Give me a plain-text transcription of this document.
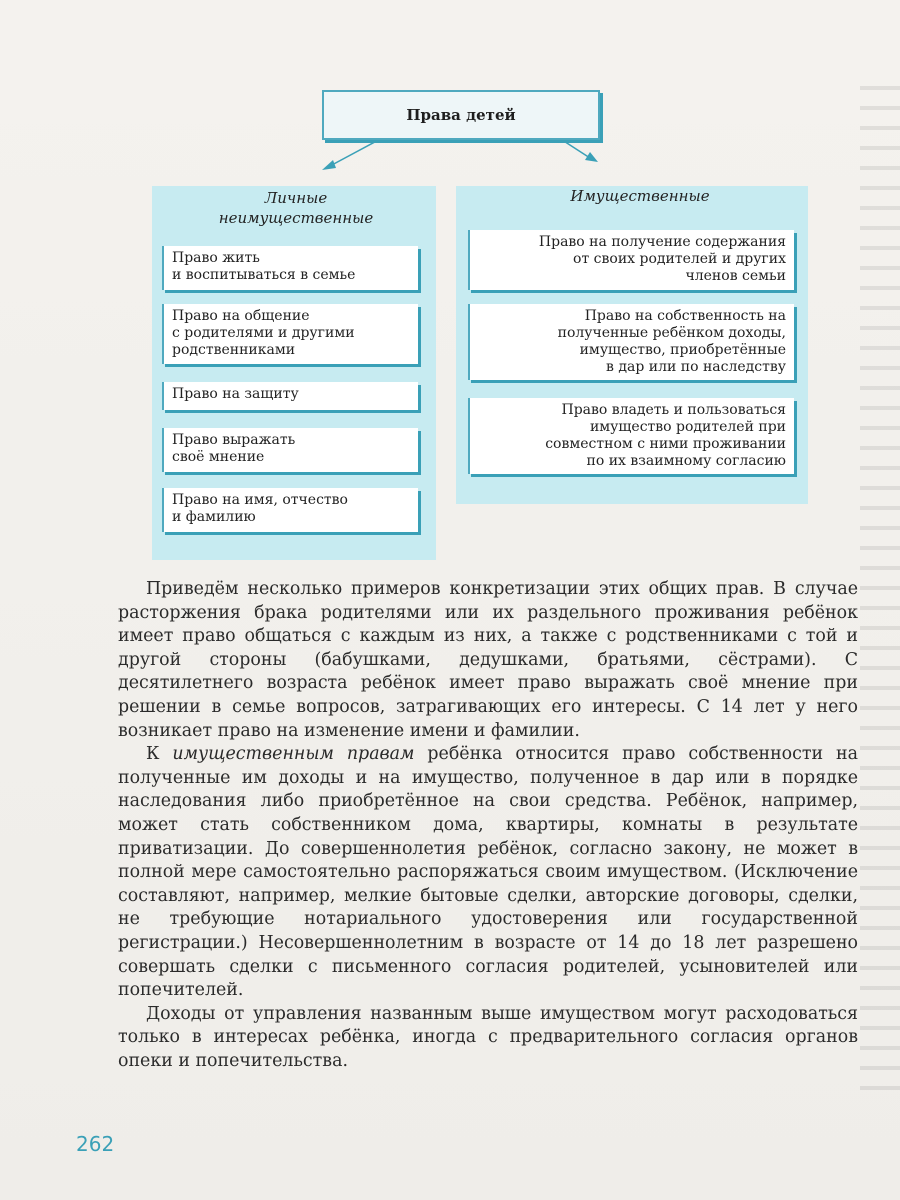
Права детей
Личные
неимущественные
Имущественные
Право жить
и воспитываться в семье
Право на общение
с родителями и другими
родственниками
Право на защиту
Право выражать
своё мнение
Право на имя, отчество
и фамилию
Право на получение содержания
от своих родителей и других
членов семьи
Право на собственность на
полученные ребёнком доходы,
имущество, приобретённые
в дар или по наследству
Право владеть и пользоваться
имущество родителей при
совместном с ними проживании
по их взаимному согласию

Приведём несколько примеров конкретизации этих общих прав. В случае расторжения брака родителями или их раздельного проживания ребёнок имеет право общаться с каждым из них, а также с родственниками с той и другой стороны (бабушками, дедушками, братьями, сёстрами). С десятилетнего возраста ребёнок имеет право выражать своё мнение при решении в семье вопросов, затрагивающих его интересы. С 14 лет у него возникает право на изменение имени и фамилии.

К имущественным правам ребёнка относится право собственности на полученные им доходы и на имущество, полученное в дар или в порядке наследования либо приобретённое на свои средства. Ребёнок, например, может стать собственником дома, квартиры, комнаты в результате приватизации. До совершеннолетия ребёнок, согласно закону, не может в полной мере самостоятельно распоряжаться своим имуществом. (Исключение составляют, например, мелкие бытовые сделки, авторские договоры, сделки, не требующие нотариального удостоверения или государственной регистрации.) Несовершеннолетним в возрасте от 14 до 18 лет разрешено совершать сделки с письменного согласия родителей, усыновителей или попечителей.

Доходы от управления названным выше имуществом могут расходоваться только в интересах ребёнка, иногда с предварительного согласия органов опеки и попечительства.

262
